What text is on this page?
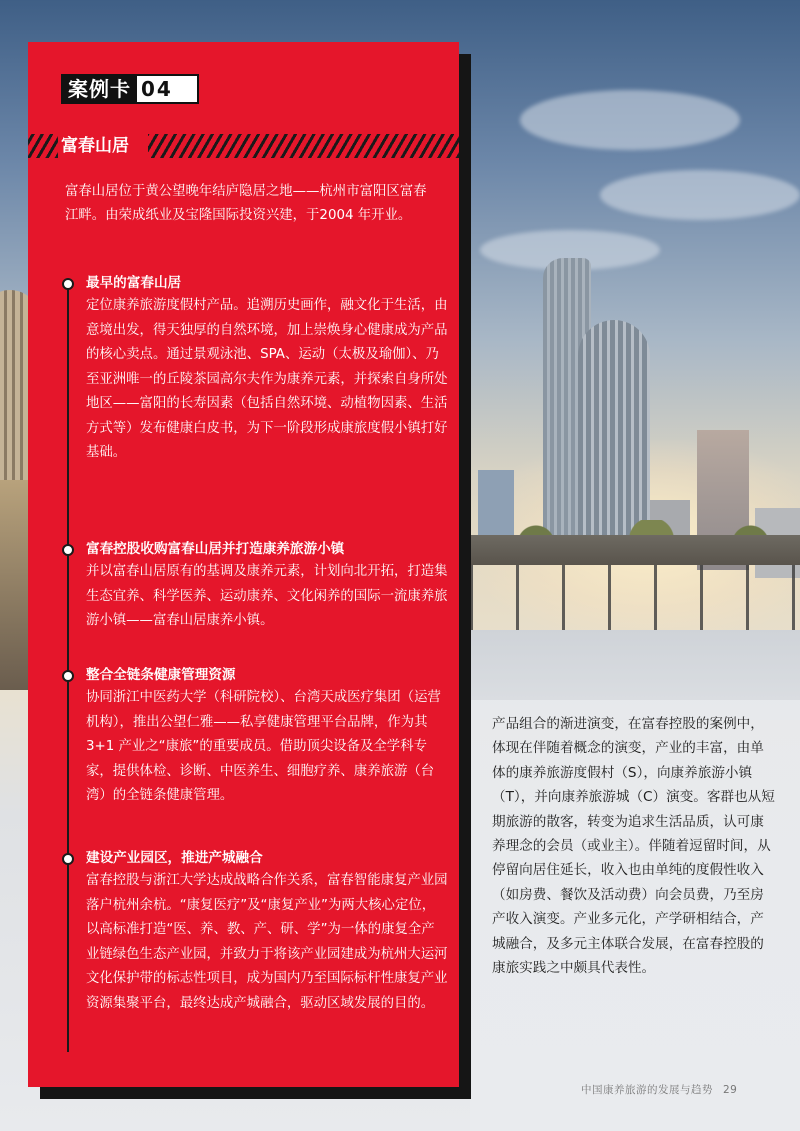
案例卡 04
富春山居
富春山居位于黄公望晚年结庐隐居之地——杭州市富阳区富春江畔。由荣成纸业及宝隆国际投资兴建，于2004 年开业。
最早的富春山居
定位康养旅游度假村产品。追溯历史画作，融文化于生活，由意境出发，得天独厚的自然环境，加上崇焕身心健康成为产品的核心卖点。通过景观泳池、SPA、运动（太极及瑜伽）、乃至亚洲唯一的丘陵茶园高尔夫作为康养元素，并探索自身所处地区——富阳的长寿因素（包括自然环境、动植物因素、生活方式等）发布健康白皮书，为下一阶段形成康旅度假小镇打好基础。
富春控股收购富春山居并打造康养旅游小镇
并以富春山居原有的基调及康养元素，计划向北开拓，打造集生态宜养、科学医养、运动康养、文化闲养的国际一流康养旅游小镇——富春山居康养小镇。
整合全链条健康管理资源
协同浙江中医药大学（科研院校）、台湾天成医疗集团（运营机构），推出公望仁雅——私享健康管理平台品牌，作为其 3+1 产业之“康旅”的重要成员。借助顶尖设备及全学科专家，提供体检、诊断、中医养生、细胞疗养、康养旅游（台湾）的全链条健康管理。
建设产业园区，推进产城融合
富春控股与浙江大学达成战略合作关系，富春智能康复产业园落户杭州余杭。“康复医疗”及“康复产业”为两大核心定位，以高标准打造“医、养、教、产、研、学”为一体的康复全产业链绿色生态产业园，并致力于将该产业园建成为杭州大运河文化保护带的标志性项目，成为国内乃至国际标杆性康复产业资源集聚平台，最终达成产城融合，驱动区域发展的目的。
产品组合的渐进演变，在富春控股的案例中，体现在伴随着概念的演变，产业的丰富，由单体的康养旅游度假村（S），向康养旅游小镇（T），并向康养旅游城（C）演变。客群也从短期旅游的散客，转变为追求生活品质，认可康养理念的会员（或业主）。伴随着逗留时间，从停留向居住延长，收入也由单纯的度假性收入（如房费、餐饮及活动费）向会员费，乃至房产收入演变。产业多元化，产学研相结合，产城融合，及多元主体联合发展，在富春控股的康旅实践之中颇具代表性。
中国康养旅游的发展与趋势 29
